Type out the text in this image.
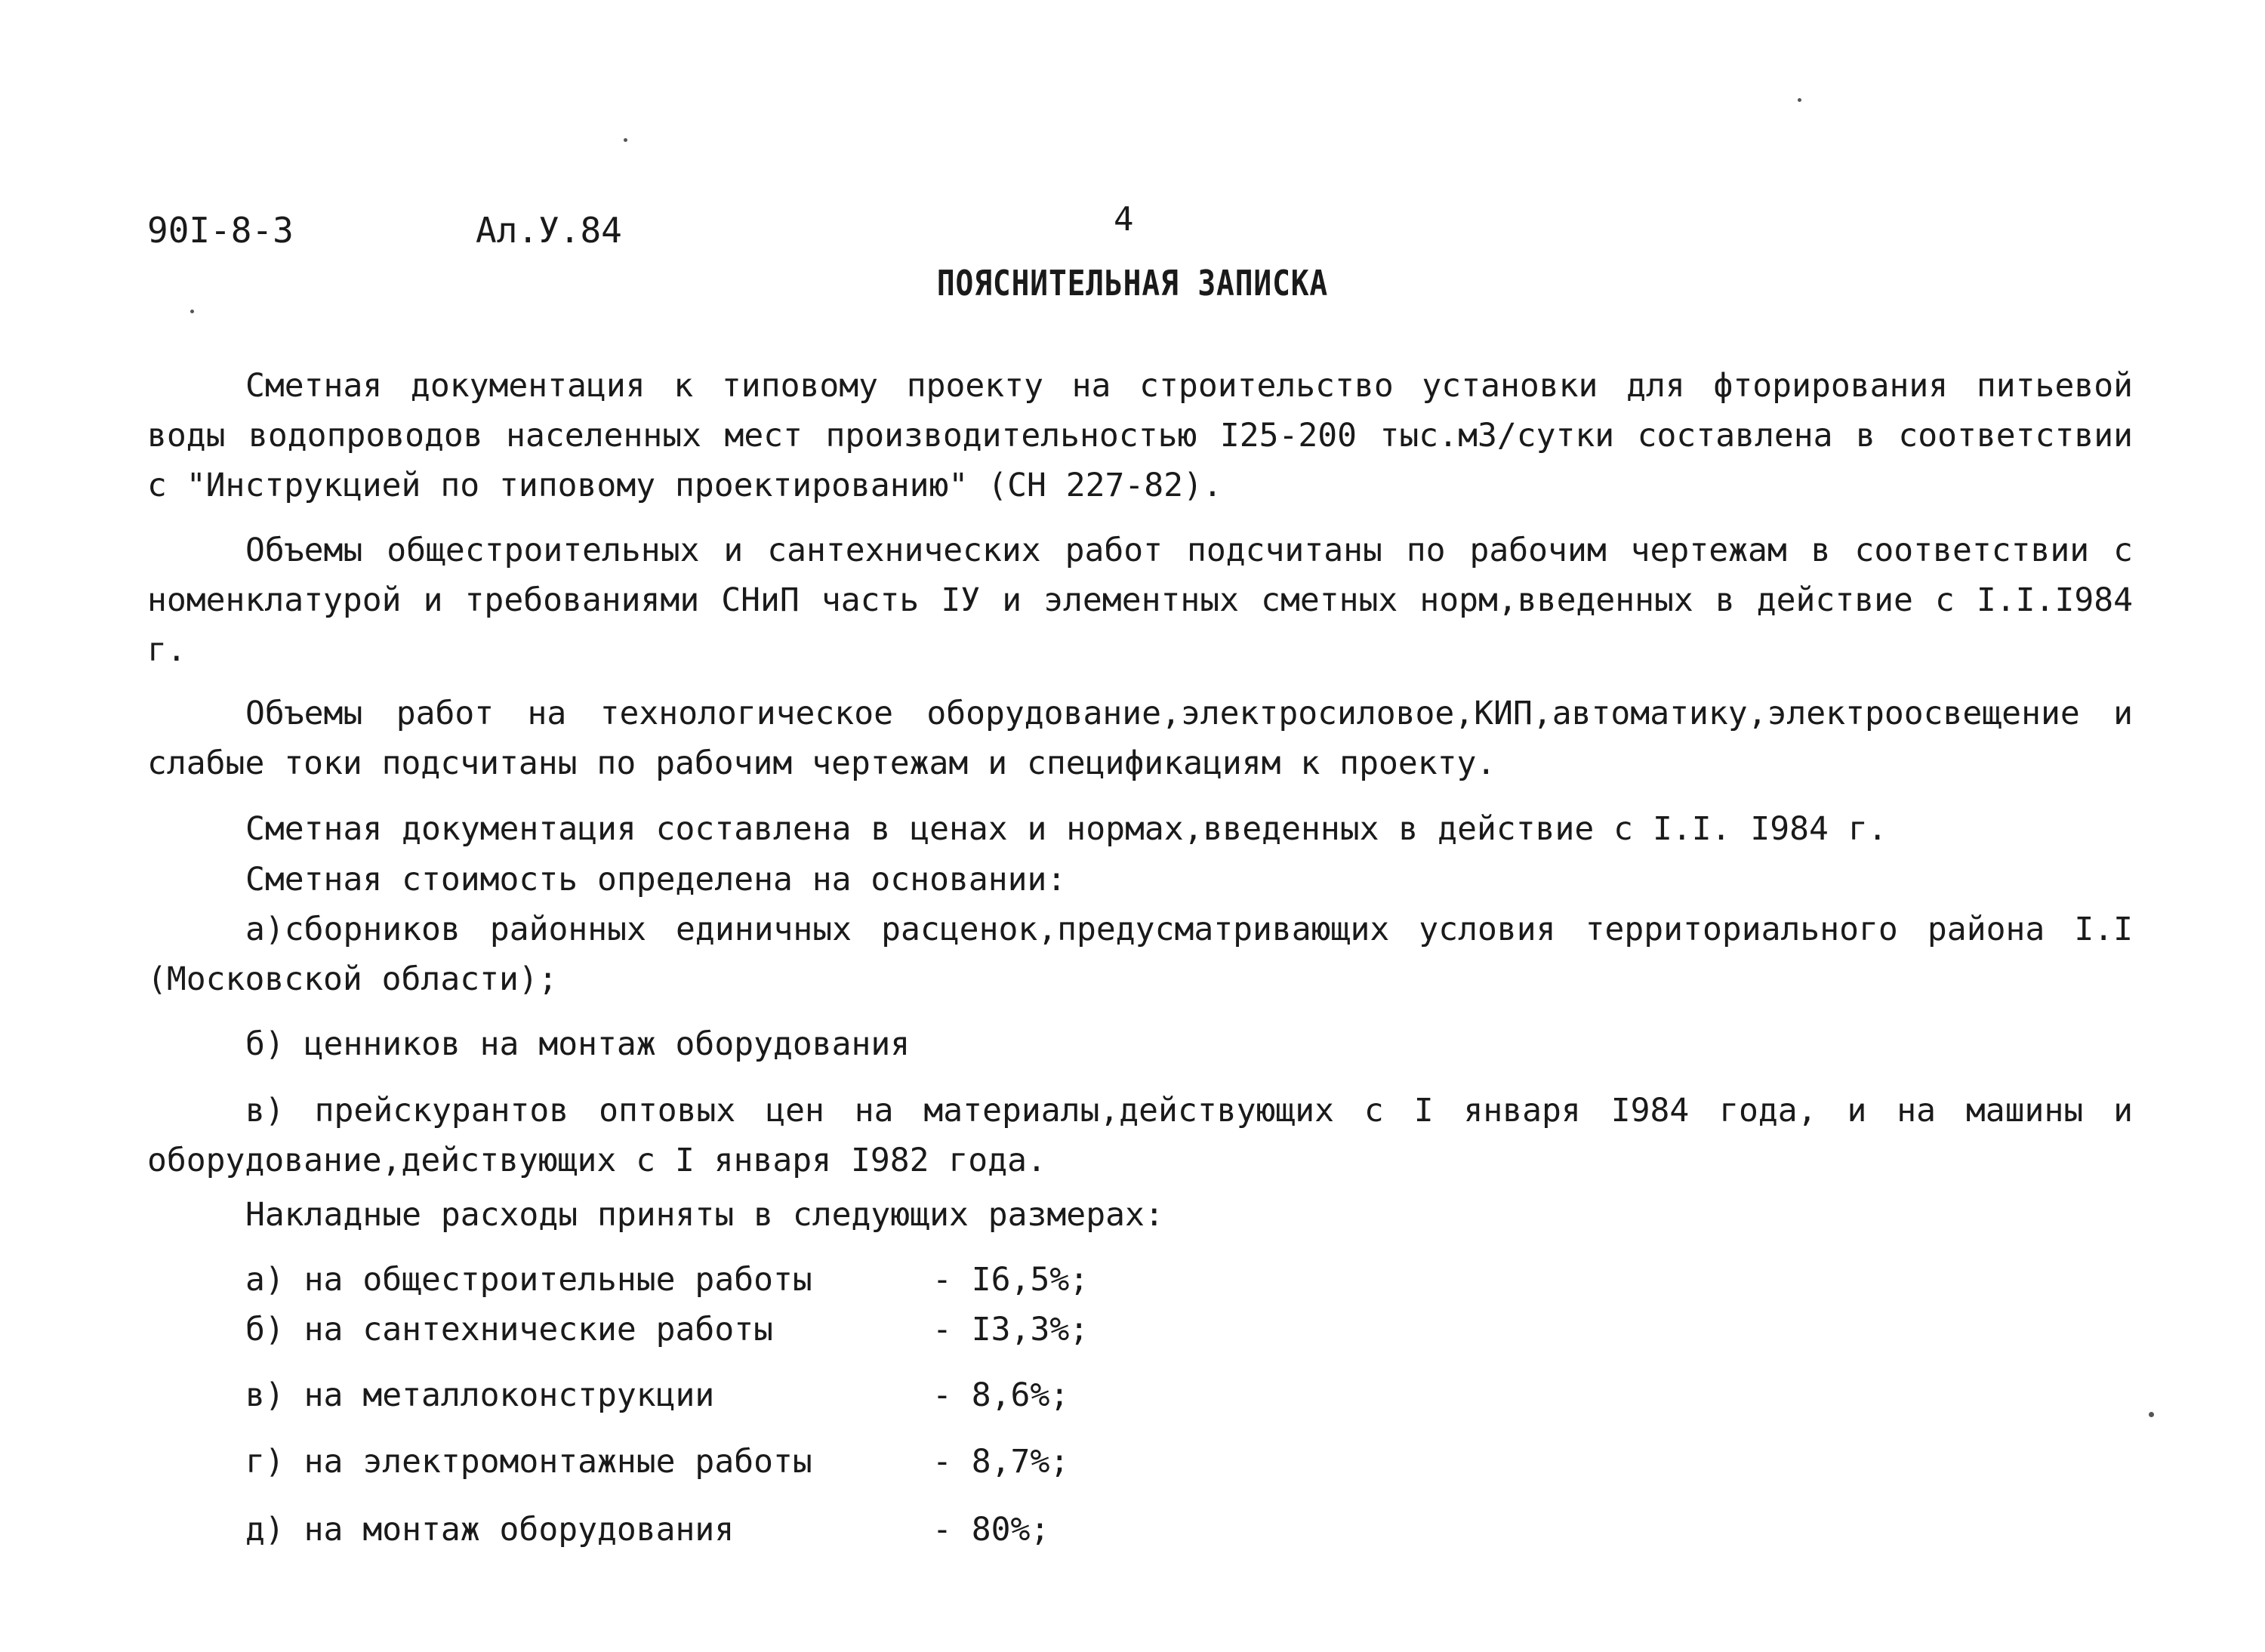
90I-8-3	Ал.У.84	4
ПОЯСНИТЕЛЬНАЯ ЗАПИСКА
Сметная документация к типовому проекту на строительство установки для фторирования питьевой воды водопроводов населенных мест производительностью I25-200 тыс.м3/сутки составлена в соответствии с "Инструкцией по типовому проектированию" (СН 227-82).
Объемы общестроительных и сантехнических работ подсчитаны по рабочим чертежам в соответствии с номенклатурой и требованиями СНиП часть IУ и элементных сметных норм,введенных в действие с I.I.I984 г.
Объемы работ на технологическое оборудование,электросиловое,КИП,автоматику,электроосвещение и слабые токи подсчитаны по рабочим чертежам и спецификациям к проекту.
Сметная документация составлена в ценах и нормах,введенных в действие с I.I. I984 г.
Сметная стоимость определена на основании:
а)сборников районных единичных расценок,предусматривающих условия территориального района I.I (Московской области);
б) ценников на монтаж оборудования
в) прейскурантов оптовых цен на материалы,действующих с I января I984 года, и на машины и оборудование,действующих с I января I982 года.
Накладные расходы приняты в следующих размерах:
а) на общестроительные работы	- I6,5%;
б) на сантехнические работы	- I3,3%;
в) на металлоконструкции	- 8,6%;
г) на электромонтажные работы	- 8,7%;
д) на монтаж оборудования	- 80%;
